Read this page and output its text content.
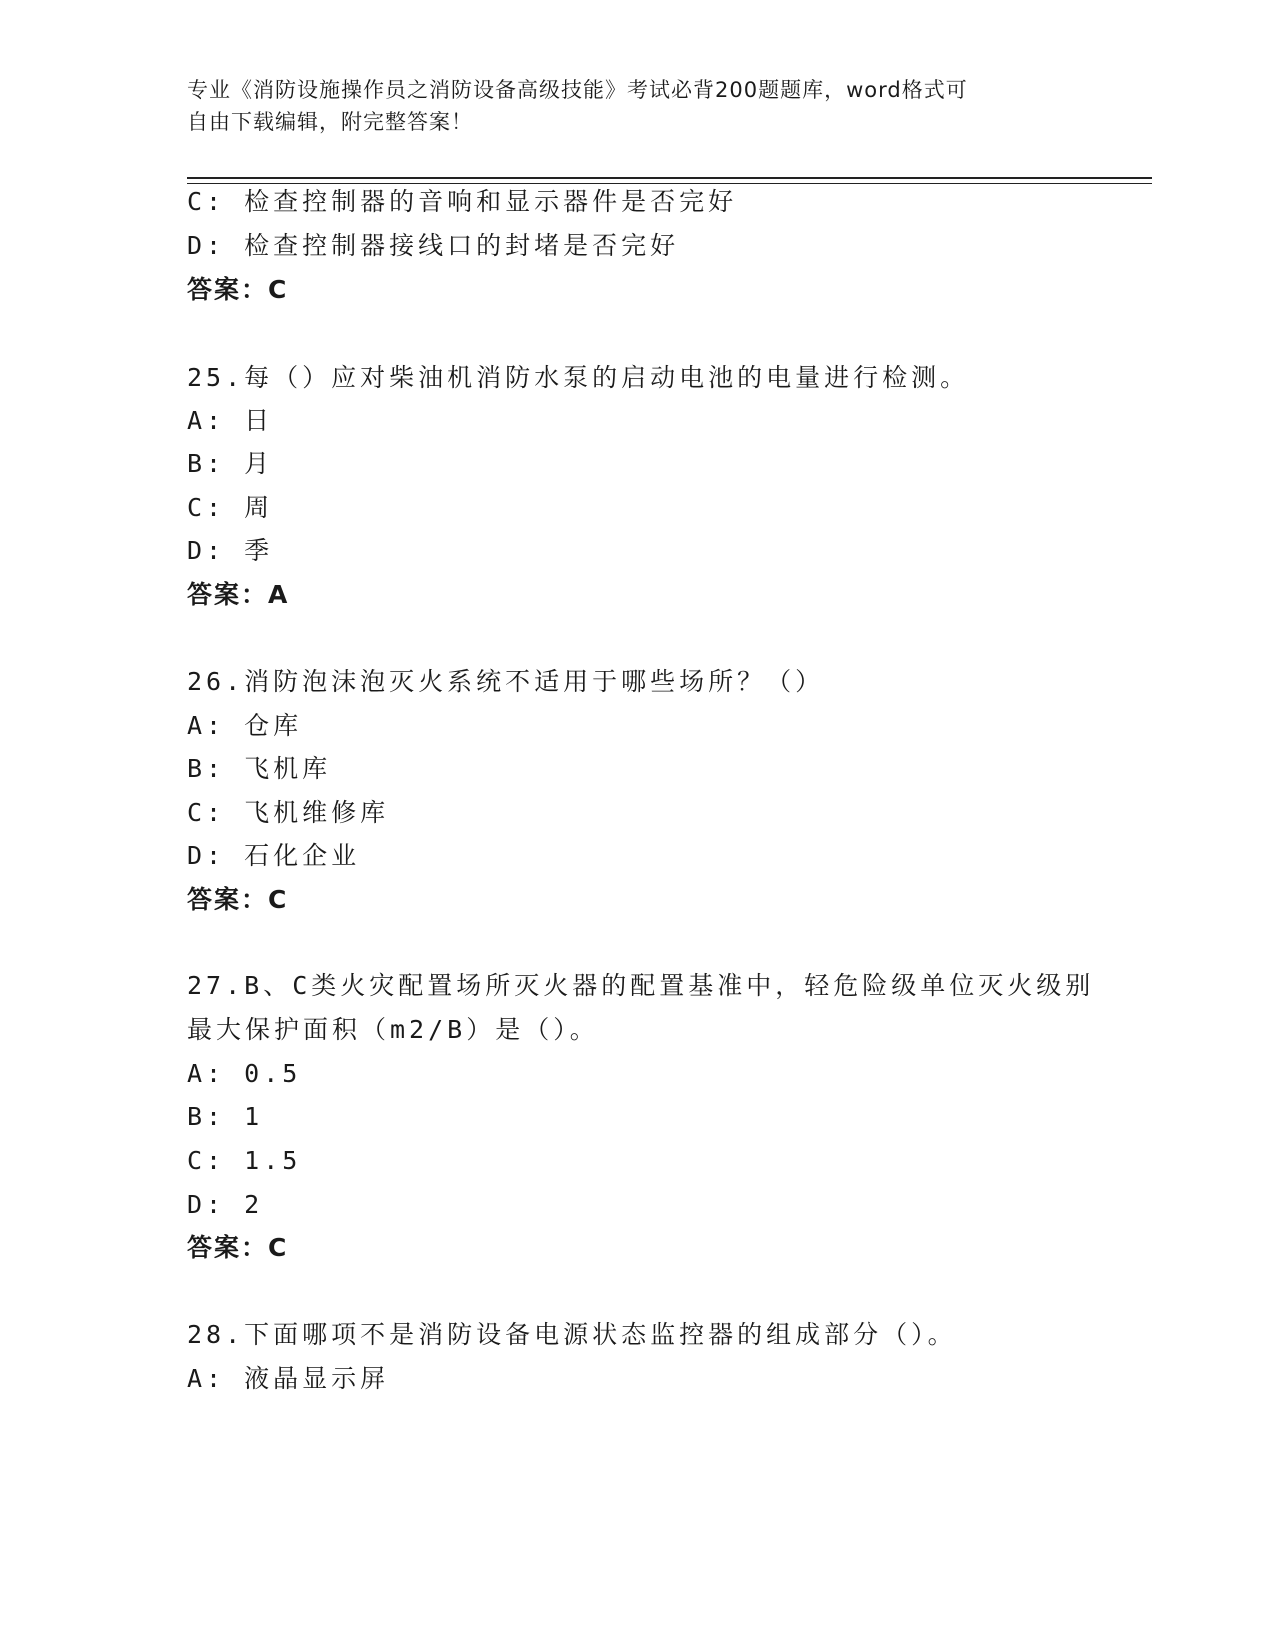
专业《消防设施操作员之消防设备高级技能》考试必背200题题库，word格式可
自由下载编辑，附完整答案！
C: 检查控制器的音响和显示器件是否完好
D: 检查控制器接线口的封堵是否完好
答案：C
25.每（）应对柴油机消防水泵的启动电池的电量进行检测。
A: 日
B: 月
C: 周
D: 季
答案：A
26.消防泡沫泡灭火系统不适用于哪些场所？（）
A: 仓库
B: 飞机库
C: 飞机维修库
D: 石化企业
答案：C
27.B、C类火灾配置场所灭火器的配置基准中，轻危险级单位灭火级别
最大保护面积（m2/B）是（）。
A: 0.5
B: 1
C: 1.5
D: 2
答案：C
28.下面哪项不是消防设备电源状态监控器的组成部分（）。
A: 液晶显示屏
